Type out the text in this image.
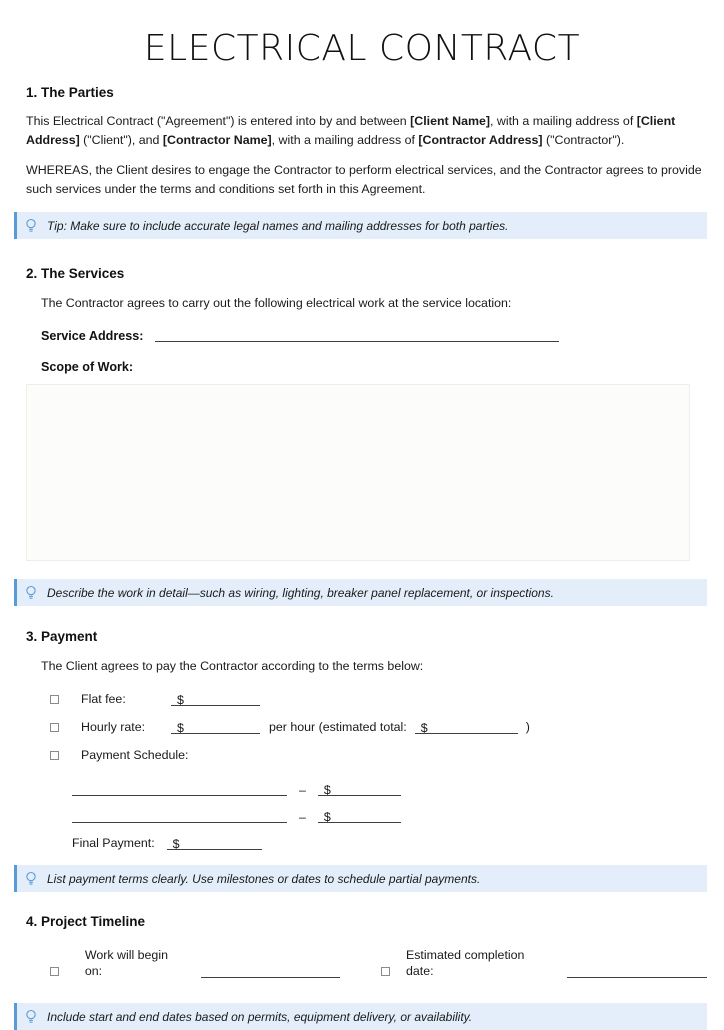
ELECTRICAL CONTRACT
1. The Parties

This Electrical Contract ("Agreement") is entered into by and between [Client Name], with a mailing address of [Client Address] ("Client"), and [Contractor Name], with a mailing address of [Contractor Address] ("Contractor").

WHEREAS, the Client desires to engage the Contractor to perform electrical services, and the Contractor agrees to provide such services under the terms and conditions set forth in this Agreement.

Tip: Make sure to include accurate legal names and mailing addresses for both parties.
2. The Services

The Contractor agrees to carry out the following electrical work at the service location:

Service Address:
Scope of Work:
Describe the work in detail—such as wiring, lighting, breaker panel replacement, or inspections.
3. Payment

The Client agrees to pay the Contractor according to the terms below:

Flat fee:	$
Hourly rate:	$	per hour (estimated total:	$	)
Payment Schedule:
–	$
–	$
Final Payment:	$
List payment terms clearly. Use milestones or dates to schedule partial payments.
4. Project Timeline
Work will begin on:
Estimated completion date:
Include start and end dates based on permits, equipment delivery, or availability.
